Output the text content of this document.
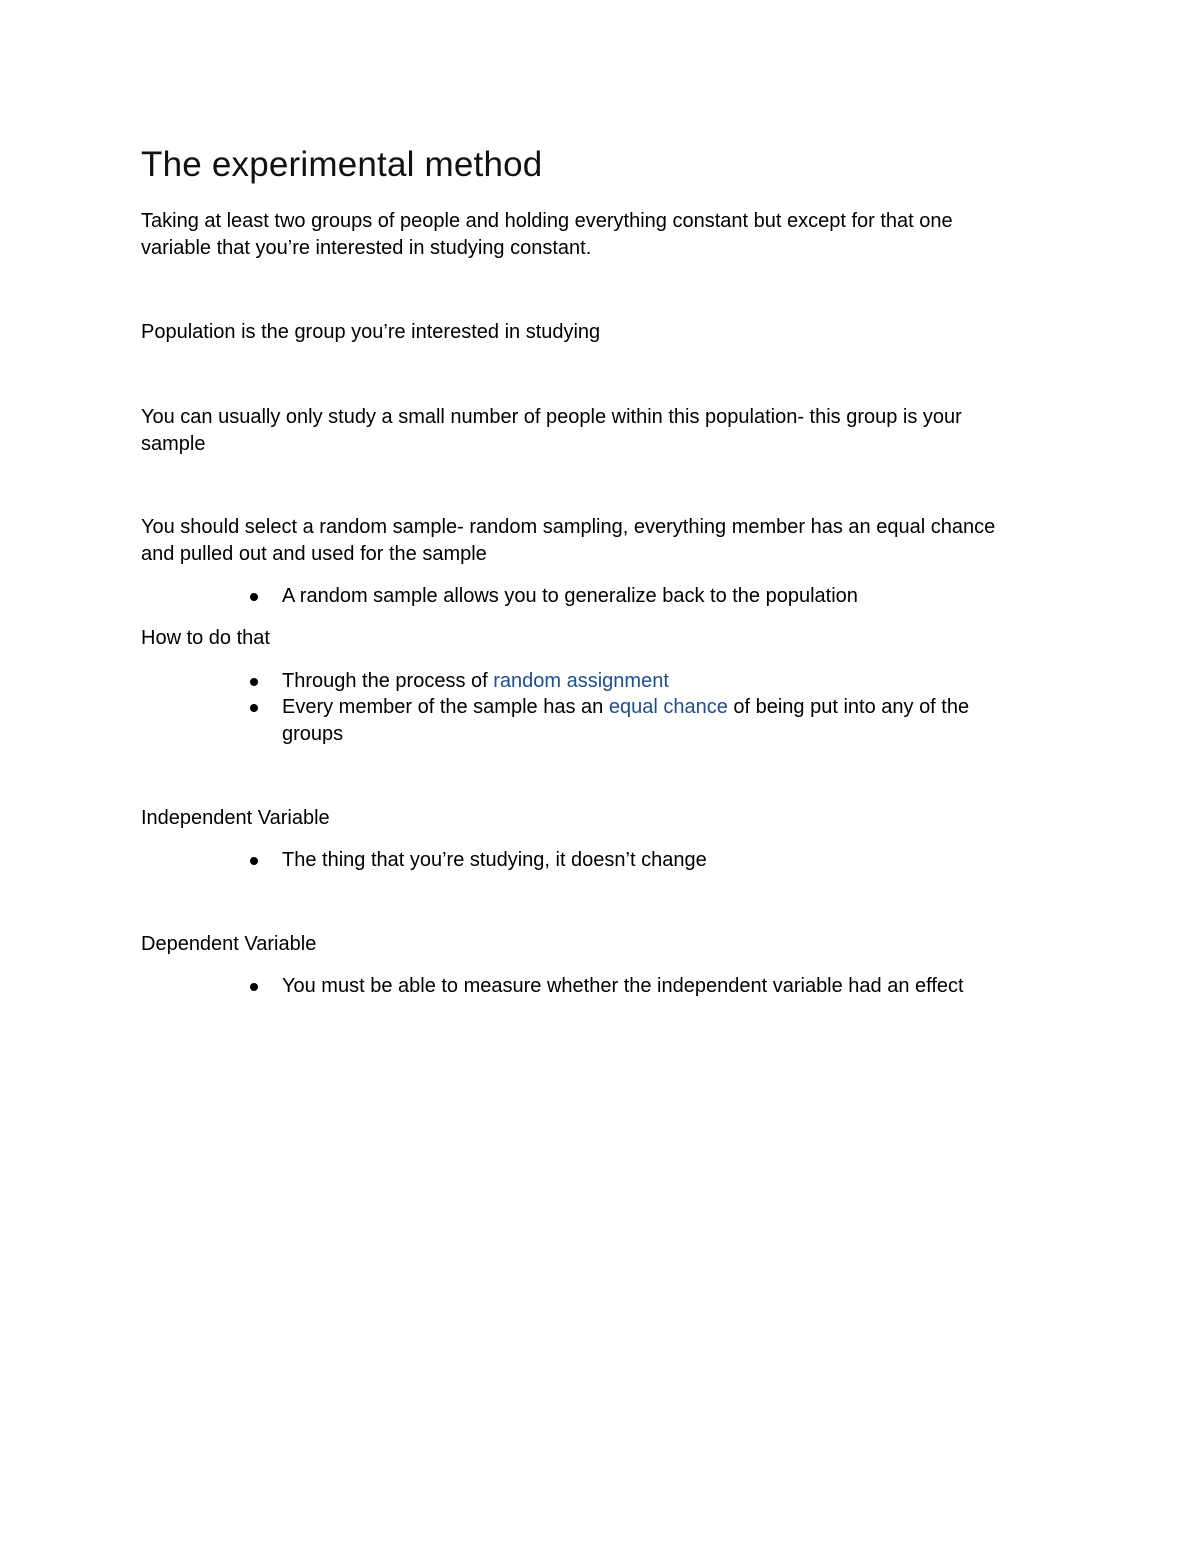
The experimental method

Taking at least two groups of people and holding everything constant but except for that one

variable that you’re interested in studying constant.

Population is the group you’re interested in studying

You can usually only study a small number of people within this population- this group is your

sample

You should select a random sample- random sampling, everything member has an equal chance

and pulled out and used for the sample

A random sample allows you to generalize back to the population

How to do that

Through the process of random assignment

Every member of the sample has an equal chance of being put into any of the

groups

Independent Variable

The thing that you’re studying, it doesn’t change

Dependent Variable

You must be able to measure whether the independent variable had an effect
